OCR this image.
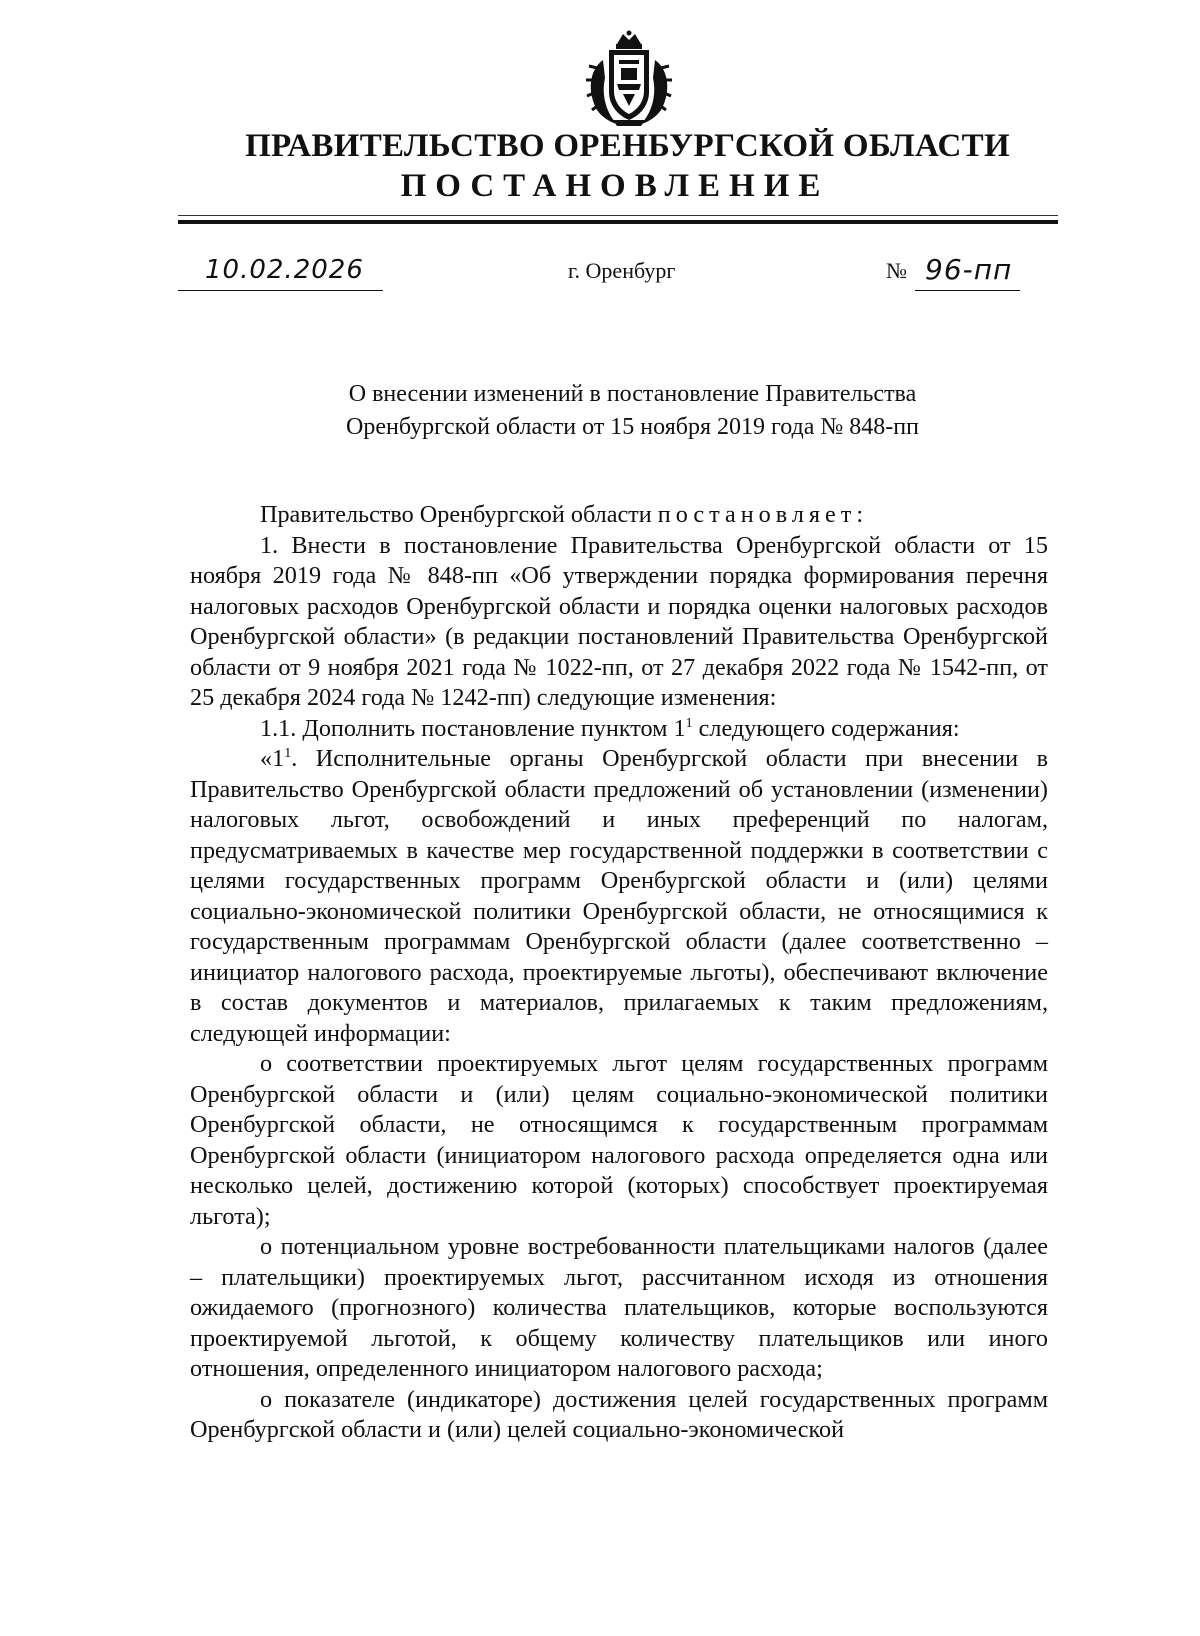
ПРАВИТЕЛЬСТВО ОРЕНБУРГСКОЙ ОБЛАСТИ
ПОСТАНОВЛЕНИЕ
10.02.2026	г. Оренбург	№ 96-пп
О внесении изменений в постановление Правительства
Оренбургской области от 15 ноября 2019 года № 848-пп

Правительство Оренбургской области постановляет:

1. Внести в постановление Правительства Оренбургской области от 15 ноября 2019 года № 848-пп «Об утверждении порядка формирования перечня налоговых расходов Оренбургской области и порядка оценки налоговых расходов Оренбургской области» (в редакции постановлений Правительства Оренбургской области от 9 ноября 2021 года № 1022-пп, от 27 декабря 2022 года № 1542-пп, от 25 декабря 2024 года № 1242-пп) следующие изменения:

1.1. Дополнить постановление пунктом $1^1$ следующего содержания:

«$1^1$. Исполнительные органы Оренбургской области при внесении в Правительство Оренбургской области предложений об установлении (изменении) налоговых льгот, освобождений и иных преференций по налогам, предусматриваемых в качестве мер государственной поддержки в соответствии с целями государственных программ Оренбургской области и (или) целями социально-экономической политики Оренбургской области, не относящимися к государственным программам Оренбургской области (далее соответственно – инициатор налогового расхода, проектируемые льготы), обеспечивают включение в состав документов и материалов, прилагаемых к таким предложениям, следующей информации:

о соответствии проектируемых льгот целям государственных программ Оренбургской области и (или) целям социально-экономической политики Оренбургской области, не относящимся к государственным программам Оренбургской области (инициатором налогового расхода определяется одна или несколько целей, достижению которой (которых) способствует проектируемая льгота);

о потенциальном уровне востребованности плательщиками налогов (далее – плательщики) проектируемых льгот, рассчитанном исходя из отношения ожидаемого (прогнозного) количества плательщиков, которые воспользуются проектируемой льготой, к общему количеству плательщиков или иного отношения, определенного инициатором налогового расхода;

о показателе (индикаторе) достижения целей государственных программ Оренбургской области и (или) целей социально-экономической
